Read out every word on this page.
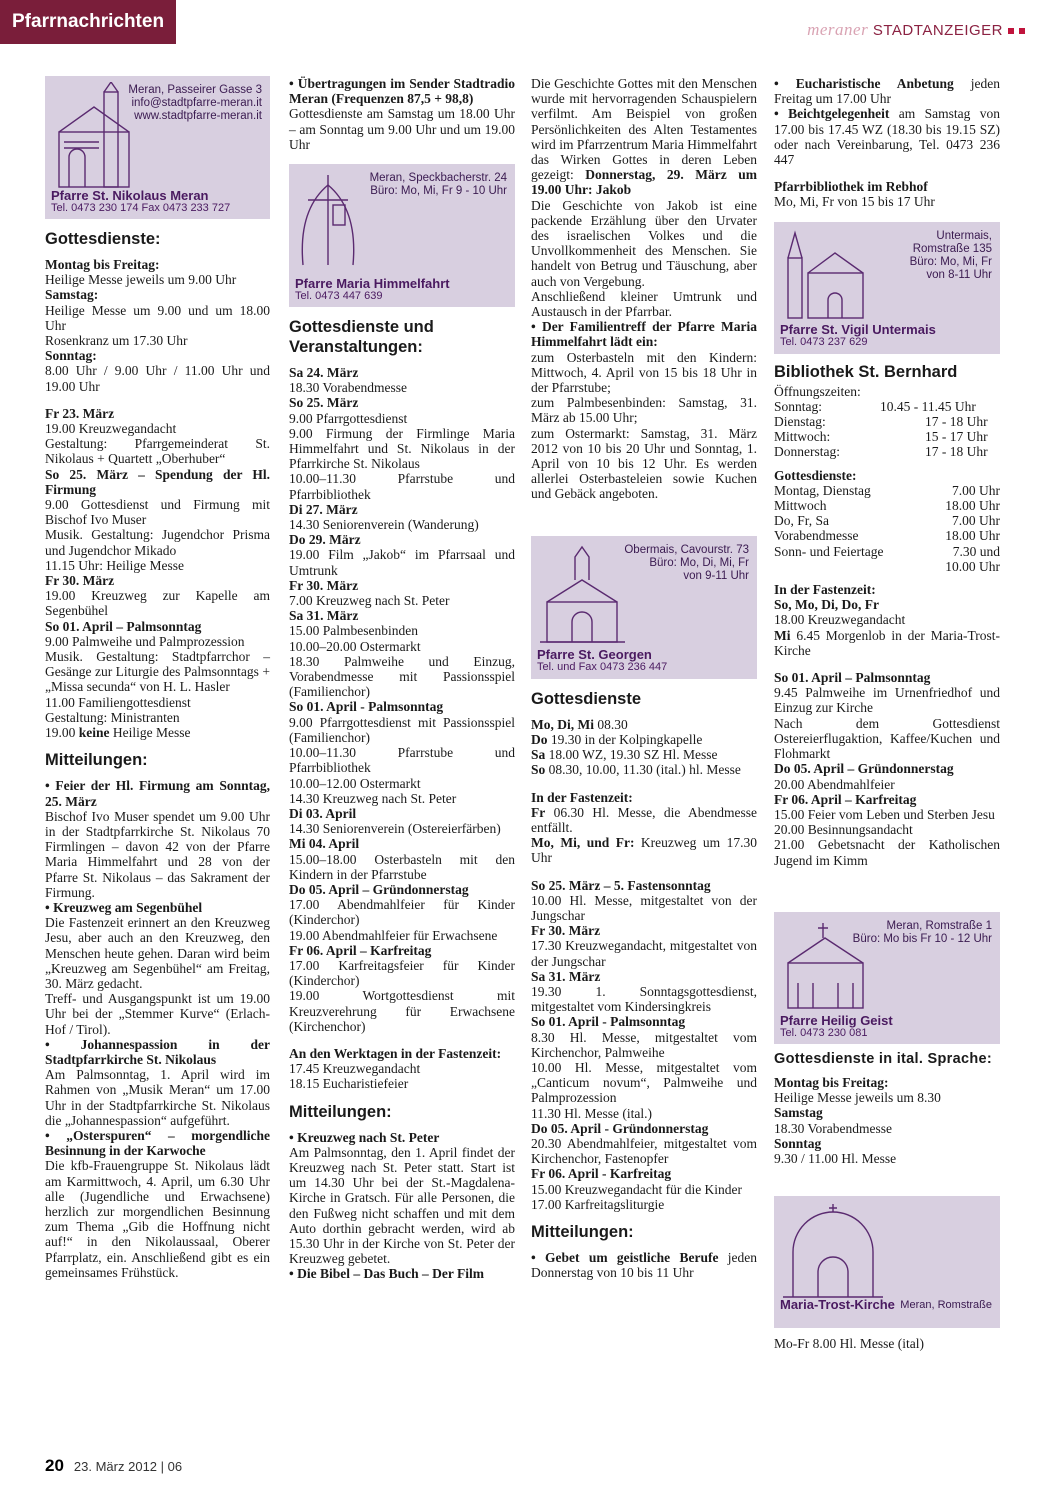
Pfarrnachrichten	meraner STADTANZEIGER
Meran, Passeirer Gasse 3
info@stadtpfarre-meran.it
www.stadtpfarre-meran.it
Pfarre St. Nikolaus Meran
Tel. 0473 230 174 Fax 0473 233 727
Gottesdienste:

Montag bis Freitag:

Heilige Messe jeweils um 9.00 Uhr

Samstag:

Heilige Messe um 9.00 und um 18.00 Uhr

Rosenkranz um 17.30 Uhr

Sonntag:

8.00 Uhr / 9.00 Uhr / 11.00 Uhr und 19.00 Uhr

Fr 23. März

19.00 Kreuzwegandacht

Gestaltung: Pfarrgemeinderat St. Nikolaus + Quartett „Oberhuber“

So 25. März – Spendung der Hl. Firmung

9.00 Gottesdienst und Firmung mit Bischof Ivo Muser

Musik. Gestaltung: Jugendchor Prisma und Jugendchor Mikado

11.15 Uhr: Heilige Messe

Fr 30. März

19.00 Kreuzweg zur Kapelle am Segenbühel

So 01. April – Palmsonntag

9.00 Palmweihe und Palmprozession

Musik. Gestaltung: Stadtpfarrchor – Gesänge zur Liturgie des Palmsonntags + „Missa secunda“ von H. L. Hasler

11.00 Familiengottesdienst

Gestaltung: Ministranten

19.00 keine Heilige Messe

Mitteilungen:

• Feier der Hl. Firmung am Sonntag, 25. März

Bischof Ivo Muser spendet um 9.00 Uhr in der Stadtpfarrkirche St. Nikolaus 70 Firmlingen – davon 42 von der Pfarre Maria Himmelfahrt und 28 von der Pfarre St. Nikolaus – das Sakrament der Firmung.

• Kreuzweg am Segenbühel

Die Fastenzeit erinnert an den Kreuzweg Jesu, aber auch an den Kreuzweg, den Menschen heute gehen. Daran wird beim „Kreuzweg am Segenbühel“ am Freitag, 30. März gedacht.

Treff- und Ausgangspunkt ist um 19.00 Uhr bei der „Stemmer Kurve“ (Erlach-Hof / Tirol).

• Johannespassion in der Stadtpfarrkirche St. Nikolaus

Am Palmsonntag, 1. April wird im Rahmen von „Musik Meran“ um 17.00 Uhr in der Stadtpfarrkirche St. Nikolaus die „Johannespassion“ aufgeführt.

• „Osterspuren“ – morgendliche Besinnung in der Karwoche

Die kfb-Frauengruppe St. Nikolaus lädt am Karmittwoch, 4. April, um 6.30 Uhr alle (Jugendliche und Erwachsene) herzlich zur morgendlichen Besinnung zum Thema „Gib die Hoffnung nicht auf!“ in den Nikolaussaal, Oberer Pfarrplatz, ein. Anschließend gibt es ein gemeinsames Frühstück.

• Übertragungen im Sender Stadtradio Meran (Frequenzen 87,5 + 98,8)

Gottesdienste am Samstag um 18.00 Uhr – am Sonntag um 9.00 Uhr und um 19.00 Uhr

Meran, Speckbacherstr. 24
Büro: Mo, Mi, Fr 9 - 10 Uhr
Pfarre Maria Himmelfahrt
Tel. 0473 447 639
Gottesdienste und Veranstaltungen:

Sa 24. März

18.30 Vorabendmesse

So 25. März

9.00 Pfarrgottesdienst

9.00 Firmung der Firmlinge Maria Himmelfahrt und St. Nikolaus in der Pfarrkirche St. Nikolaus

10.00–11.30 Pfarrstube und Pfarrbibliothek

Di 27. März

14.30 Seniorenverein (Wanderung)

Do 29. März

19.00 Film „Jakob“ im Pfarrsaal und Umtrunk

Fr 30. März

7.00 Kreuzweg nach St. Peter

Sa 31. März

15.00 Palmbesenbinden

10.00–20.00 Ostermarkt

18.30 Palmweihe und Einzug, Vorabendmesse mit Passionsspiel (Familienchor)

So 01. April - Palmsonntag

9.00 Pfarrgottesdienst mit Passionsspiel (Familienchor)

10.00–11.30 Pfarrstube und Pfarrbibliothek

10.00–12.00 Ostermarkt

14.30 Kreuzweg nach St. Peter

Di 03. April

14.30 Seniorenverein (Ostereierfärben)

Mi 04. April

15.00–18.00 Osterbasteln mit den Kindern in der Pfarrstube

Do 05. April – Gründonnerstag

17.00 Abendmahlfeier für Kinder (Kinderchor)

19.00 Abendmahlfeier für Erwachsene

Fr 06. April – Karfreitag

17.00 Karfreitagsfeier für Kinder (Kinderchor)

19.00 Wortgottesdienst mit Kreuzverehrung für Erwachsene (Kirchenchor)

An den Werktagen in der Fastenzeit:

17.45 Kreuzwegandacht

18.15 Eucharistiefeier

Mitteilungen:

• Kreuzweg nach St. Peter

Am Palmsonntag, den 1. April findet der Kreuzweg nach St. Peter statt. Start ist um 14.30 Uhr bei der St.-Magdalena-Kirche in Gratsch. Für alle Personen, die den Fußweg nicht schaffen und mit dem Auto dorthin gebracht werden, wird ab 15.30 Uhr in der Kirche von St. Peter der Kreuzweg gebetet.

• Die Bibel – Das Buch – Der Film

Die Geschichte Gottes mit den Menschen wurde mit hervorragenden Schauspielern verfilmt. Am Beispiel von großen Persönlichkeiten des Alten Testamentes wird im Pfarrzentrum Maria Himmelfahrt das Wirken Gottes in deren Leben gezeigt: Donnerstag, 29. März um 19.00 Uhr: Jakob

Die Geschichte von Jakob ist eine packende Erzählung über den Urvater des israelischen Volkes und die Unvollkommenheit des Menschen. Sie handelt von Betrug und Täuschung, aber auch von Vergebung.

Anschließend kleiner Umtrunk und Austausch in der Pfarrbar.

• Der Familientreff der Pfarre Maria Himmelfahrt lädt ein:

zum Osterbasteln mit den Kindern: Mittwoch, 4. April von 15 bis 18 Uhr in der Pfarrstube;

zum Palmbesenbinden: Samstag, 31. März ab 15.00 Uhr;

zum Ostermarkt: Samstag, 31. März 2012 von 10 bis 20 Uhr und Sonntag, 1. April von 10 bis 12 Uhr. Es werden allerlei Osterbasteleien sowie Kuchen und Gebäck angeboten.

Obermais, Cavourstr. 73
Büro: Mo, Di, Mi, Fr
von 9-11 Uhr
Pfarre St. Georgen
Tel. und Fax 0473 236 447
Gottesdienste

Mo, Di, Mi 08.30

Do 19.30 in der Kolpingkapelle

Sa 18.00 WZ, 19.30 SZ Hl. Messe

So 08.30, 10.00, 11.30 (ital.) hl. Messe

In der Fastenzeit:

Fr 06.30 Hl. Messe, die Abendmesse entfällt.

Mo, Mi, und Fr: Kreuzweg um 17.30 Uhr

So 25. März – 5. Fastensonntag

10.00 Hl. Messe, mitgestaltet von der Jungschar

Fr 30. März

17.30 Kreuzwegandacht, mitgestaltet von der Jungschar

Sa 31. März

19.30 1. Sonntagsgottesdienst, mitgestaltet vom Kindersingkreis

So 01. April - Palmsonntag

8.30 Hl. Messe, mitgestaltet vom Kirchenchor, Palmweihe

10.00 Hl. Messe, mitgestaltet vom „Canticum novum“, Palmweihe und Palmprozession

11.30 Hl. Messe (ital.)

Do 05. April - Gründonnerstag

20.30 Abendmahlfeier, mitgestaltet vom Kirchenchor, Fastenopfer

Fr 06. April - Karfreitag

15.00 Kreuzwegandacht für die Kinder

17.00 Karfreitagsliturgie

Mitteilungen:

• Gebet um geistliche Berufe jeden Donnerstag von 10 bis 11 Uhr

• Eucharistische Anbetung jeden Freitag um 17.00 Uhr

• Beichtgelegenheit am Samstag von 17.00 bis 17.45 WZ (18.30 bis 19.15 SZ) oder nach Vereinbarung, Tel. 0473 236 447

Pfarrbibliothek im Rebhof

Mo, Mi, Fr von 15 bis 17 Uhr

Untermais,
Romstraße 135
Büro: Mo, Mi, Fr
von 8-11 Uhr
Pfarre St. Vigil Untermais
Tel. 0473 237 629
Bibliothek St. Bernhard

Öffnungszeiten:

Sonntag:	10.45 - 11.45 Uhr
Dienstag:	17 - 18 Uhr
Mittwoch:	15 - 17 Uhr
Donnerstag:	17 - 18 Uhr

Gottesdienste:

Montag, Dienstag	7.00 Uhr
Mittwoch	18.00 Uhr
Do, Fr, Sa	7.00 Uhr
Vorabendmesse	18.00 Uhr
Sonn- und Feiertage	7.30 und
10.00 Uhr

In der Fastenzeit:

So, Mo, Di, Do, Fr

18.00 Kreuzwegandacht

Mi 6.45 Morgenlob in der Maria-Trost-Kirche

So 01. April – Palmsonntag

9.45 Palmweihe im Urnenfriedhof und Einzug zur Kirche

Nach dem Gottesdienst Ostereierflugaktion, Kaffee/Kuchen und Flohmarkt

Do 05. April – Gründonnerstag

20.00 Abendmahlfeier

Fr 06. April – Karfreitag

15.00 Feier vom Leben und Sterben Jesu

20.00 Besinnungsandacht

21.00 Gebetsnacht der Katholischen Jugend im Kimm

Meran, Romstraße 1
Büro: Mo bis Fr 10 - 12 Uhr
Pfarre Heilig Geist
Tel. 0473 230 081
Gottesdienste in ital. Sprache:

Montag bis Freitag:

Heilige Messe jeweils um 8.30

Samstag

18.30 Vorabendmesse

Sonntag

9.30 / 11.00 Hl. Messe

Maria-Trost-Kirche Meran, Romstraße

Mo-Fr 8.00 Hl. Messe (ital)

20 23. März 2012 | 06
